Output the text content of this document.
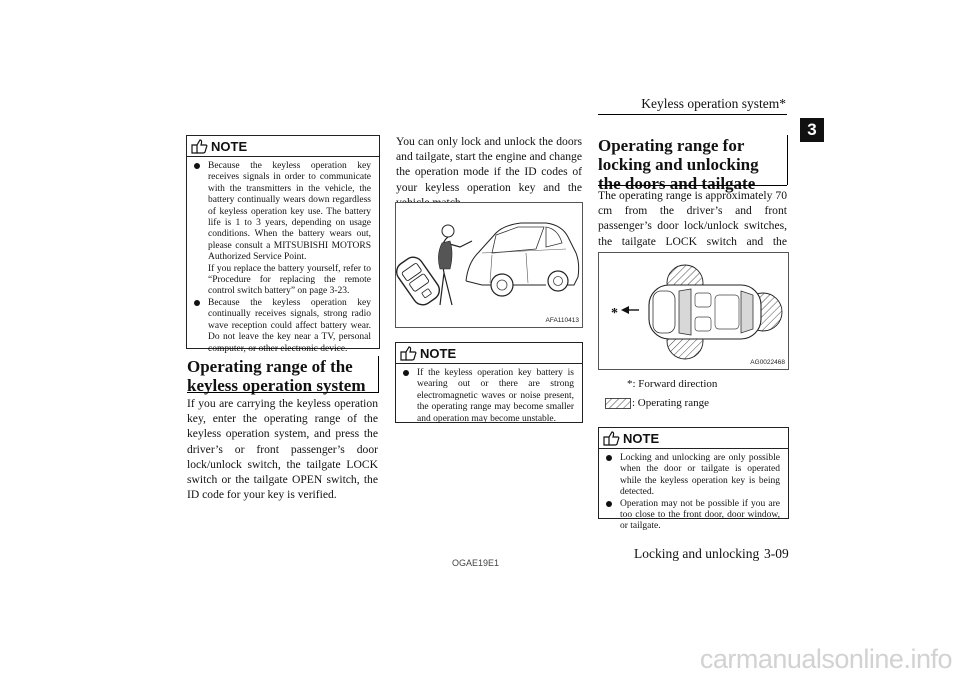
Keyless operation system*
3
NOTE

Because the keyless operation key receives signals in order to communicate with the transmitters in the vehicle, the battery continually wears down regardless of keyless operation key use. The battery life is 1 to 3 years, depending on usage conditions. When the battery wears out, please consult a MITSUBISHI MOTORS Authorized Service Point.

If you replace the battery yourself, refer to “Procedure for replacing the remote control switch battery” on page 3-23.

Because the keyless operation key continually receives signals, strong radio wave reception could affect battery wear. Do not leave the key near a TV, personal computer, or other electronic device.

Operating range of the keyless operation system
If you are carrying the keyless operation key, enter the operating range of the keyless operation system, and press the driver’s or front passenger’s door lock/unlock switch, the tailgate LOCK switch or the tailgate OPEN switch, the ID code for your key is verified.
You can only lock and unlock the doors and tailgate, start the engine and change the operation mode if the ID codes of your keyless operation key and the
AFA110413
NOTE

If the keyless operation key battery is wearing out or there are strong electromagnetic waves or noise present, the operating range may become smaller and operation may become unstable.

Operating range for locking and unlocking the doors and tailgate
The operating range is approximately 70 cm from the driver’s and front passenger’s door lock/unlock switches, the tailgate LOCK switch and the
*
AG0022468
*: Forward direction
: Operating range
NOTE

Locking and unlocking are only possible when the door or tailgate is operated while the keyless operation key is being detected.

Operation may not be possible if you are too close to the front door, door window, or tailgate.

OGAE19E1
Locking and unlocking 3-09
carmanualsonline.info
